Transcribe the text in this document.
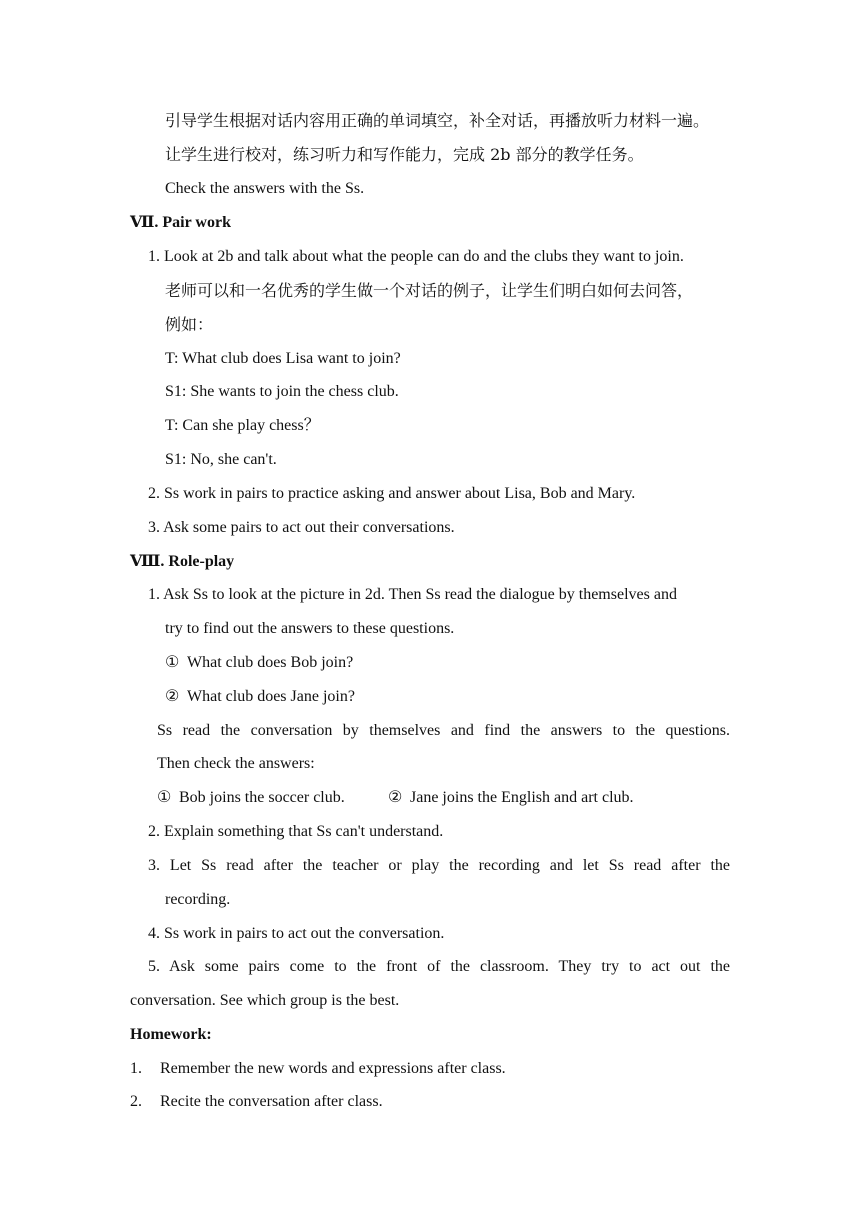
引导学生根据对话内容用正确的单词填空，补全对话，再播放听力材料一遍。
让学生进行校对，练习听力和写作能力，完成 2b 部分的教学任务。
Check the answers with the Ss.
Ⅶ. Pair work
1. Look at 2b and talk about what the people can do and the clubs they want to join.
老师可以和一名优秀的学生做一个对话的例子，让学生们明白如何去问答，
例如：
T: What club does Lisa want to join?
S1: She wants to join the chess club.
T: Can she play chess？
S1: No, she can't.
2. Ss work in pairs to practice asking and answer about Lisa, Bob and Mary.
3. Ask some pairs to act out their conversations.
Ⅷ. Role-play
1. Ask Ss to look at the picture in 2d. Then Ss read the dialogue by themselves and
try to find out the answers to these questions.
① What club does Bob join?
② What club does Jane join?
Ss read the conversation by themselves and find the answers to the questions.
Then check the answers:
① Bob joins the soccer club.	② Jane joins the English and art club.
2. Explain something that Ss can't understand.
3. Let Ss read after the teacher or play the recording and let Ss read after the
recording.
4. Ss work in pairs to act out the conversation.
5. Ask some pairs come to the front of the classroom. They try to act out the
conversation. See which group is the best.
Homework:
1. Remember the new words and expressions after class.
2. Recite the conversation after class.
